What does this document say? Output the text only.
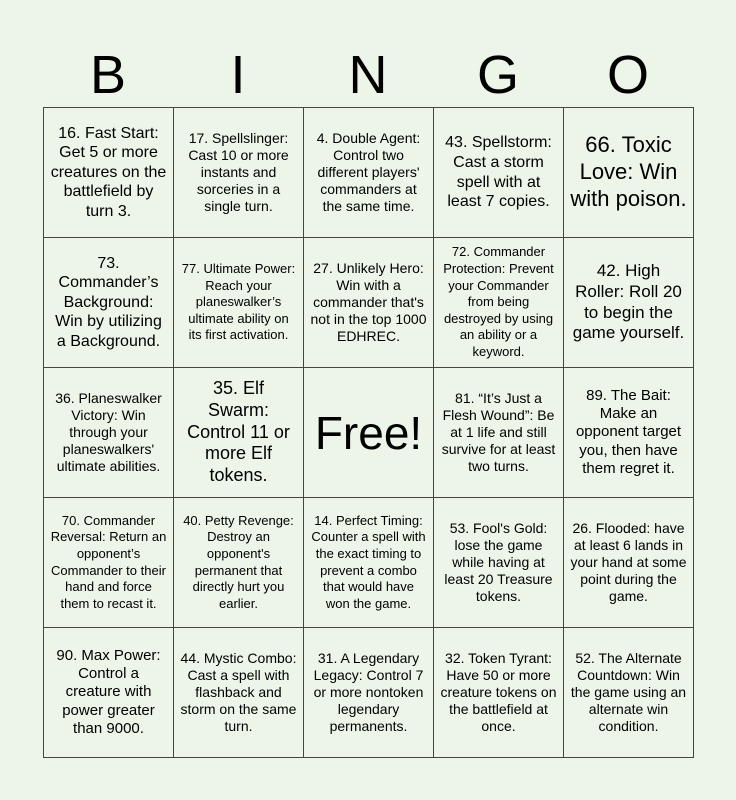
B	I	N	G	O
16. Fast Start: Get 5 or more creatures on the battlefield by turn 3.	17. Spellslinger: Cast 10 or more instants and sorceries in a single turn.	4. Double Agent: Control two different players' commanders at the same time.	43. Spellstorm: Cast a storm spell with at least 7 copies.	66. Toxic Love: Win with poison.
73. Commander’s Background: Win by utilizing a Background.	77. Ultimate Power: Reach your planeswalker’s ultimate ability on its first activation.	27. Unlikely Hero: Win with a commander that's not in the top 1000 EDHREC.	72. Commander Protection: Prevent your Commander from being destroyed by using an ability or a keyword.	42. High Roller: Roll 20 to begin the game yourself.
36. Planeswalker Victory: Win through your planeswalkers' ultimate abilities.	35. Elf Swarm: Control 11 or more Elf tokens.	Free!	81. “It’s Just a Flesh Wound”: Be at 1 life and still survive for at least two turns.	89. The Bait: Make an opponent target you, then have them regret it.
70. Commander Reversal: Return an opponent’s Commander to their hand and force them to recast it.	40. Petty Revenge: Destroy an opponent's permanent that directly hurt you earlier.	14. Perfect Timing: Counter a spell with the exact timing to prevent a combo that would have won the game.	53. Fool's Gold: lose the game while having at least 20 Treasure tokens.	26. Flooded: have at least 6 lands in your hand at some point during the game.
90. Max Power: Control a creature with power greater than 9000.	44. Mystic Combo: Cast a spell with flashback and storm on the same turn.	31. A Legendary Legacy: Control 7 or more nontoken legendary permanents.	32. Token Tyrant: Have 50 or more creature tokens on the battlefield at once.	52. The Alternate Countdown: Win the game using an alternate win condition.
